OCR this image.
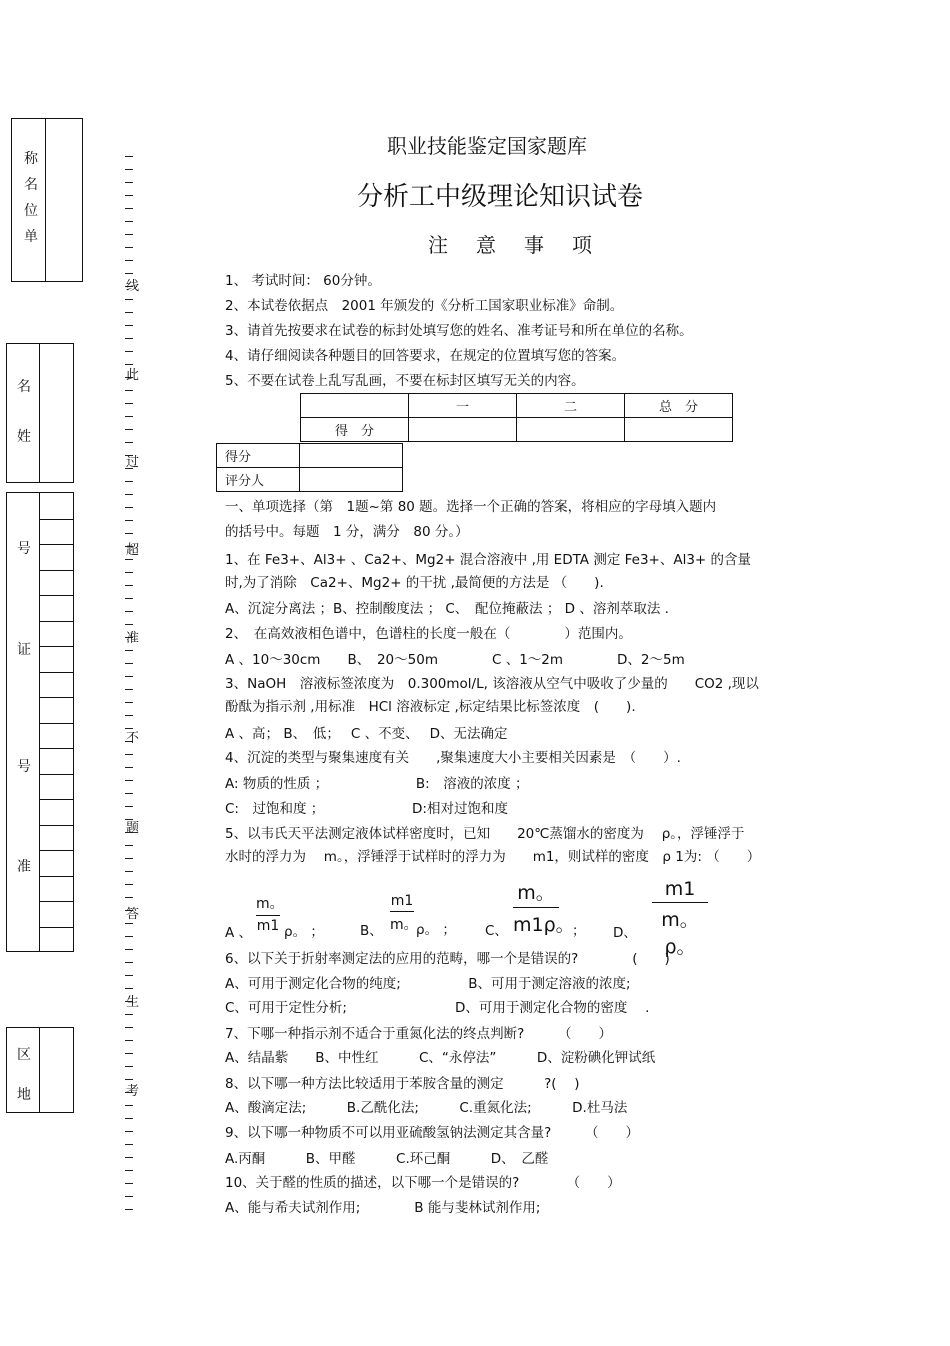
称
名
位
单
名
姓
号
证
号
准
区
地
线
此
过
超
准
不
题
答
生
考
职业技能鉴定国家题库
分析工中级理论知识试卷
注　意　事　项
1、 考试时间： 60分钟。
2、本试卷依据点　2001 年颁发的《分析工国家职业标准》命制。
3、请首先按要求在试卷的标封处填写您的姓名、准考证号和所在单位的名称。
4、请仔细阅读各种题目的回答要求，在规定的位置填写您的答案。
5、不要在试卷上乱写乱画，不要在标封区填写无关的内容。
	一	二	总　分
得　分			
得分	
评分人	
一、单项选择（第　1题~第 80 题。选择一个正确的答案，将相应的字母填入题内
的括号中。每题　1 分，满分　80 分。）
1、在 Fe3+、Al3+ 、Ca2+、Mg2+ 混合溶液中 ,用 EDTA 测定 Fe3+、Al3+ 的含量
时,为了消除　Ca2+、Mg2+ 的干扰 ,最简便的方法是 （　　).
A、沉淀分离法 ；B、控制酸度法 ； C、　配位掩蔽法 ； D 、溶剂萃取法 .
2、　在高效液相色谱中，色谱柱的长度一般在（　　　　）范围内。
A 、10～30cm　　B、　20～50m　　　　C 、1～2m　　　　D、2～5m
3、NaOH　溶液标签浓度为　0.300mol/L, 该溶液从空气中吸收了少量的　　CO2 ,现以
酚酞为指示剂 ,用标准　HCl 溶液标定 ,标定结果比标签浓度　(　　).
A 、高； B、　低；　 C 、不变、　 D、无法确定
4、沉淀的类型与聚集速度有关　　,聚集速度大小主要相关因素是　（　　）.
A: 物质的性质 ；　　　　　　　B:　溶液的浓度 ；
C:　过饱和度 ；　　　　　　　D:相对过饱和度
5、以韦氏天平法测定液体试样密度时，已知　　20℃蒸馏水的密度为　 ρ。，浮锤浮于
水时的浮力为　 m。，浮锤浮于试样时的浮力为　　m1，则试样的密度　ρ 1为: （　　）
A 、
m。
m1 ρ。 ；	B、
m1
m。
ρ。 ； C、
m。
m1ρ。
； D、
m1
m。ρ。
6、以下关于折射率测定法的应用的范畴，哪一个是错误的?　　　　(　　)
A、可用于测定化合物的纯度;　　　　　B、可用于测定溶液的浓度;
C、可用于定性分析;　　　　　　　　D、可用于测定化合物的密度　 .
7、下哪一种指示剂不适合于重氮化法的终点判断?　　　（　　）
A、结晶紫　　B、中性红　　　C、“永停法”　　　D、淀粉碘化钾试纸
8、以下哪一种方法比较适用于苯胺含量的测定　　　?(　 )
A、酸滴定法;　　　B.乙酰化法;　　　C.重氮化法;　　　D.杜马法
9、以下哪一种物质不可以用亚硫酸氢钠法测定其含量?　　　（　　）
A.丙酮　　　B、甲醛　　　C.环己酮　　　D、　乙醛
10、关于醛的性质的描述，以下哪一个是错误的?　　　　（　　）
A、能与希夫试剂作用;　　　　B 能与斐林试剂作用;
